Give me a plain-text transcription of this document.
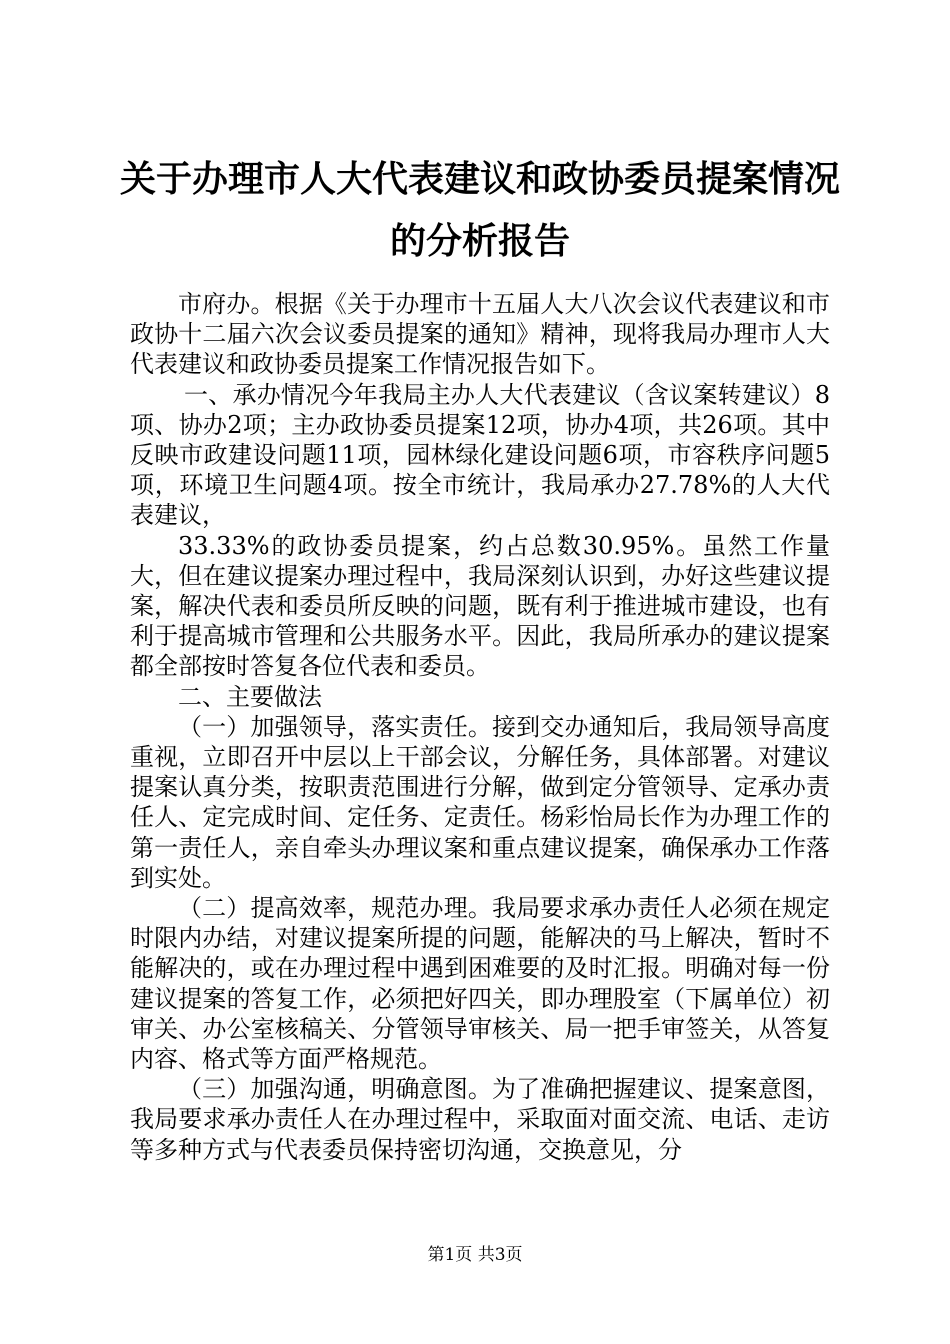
关于办理市人大代表建议和政协委员提案情况
的分析报告

市府办。根据《关于办理市十五届人大八次会议代表建议和市政协十二届六次会议委员提案的通知》精神，现将我局办理市人大代表建议和政协委员提案工作情况报告如下。

一、承办情况今年我局主办人大代表建议（含议案转建议）8项、协办2项；主办政协委员提案12项，协办4项，共26项。其中反映市政建设问题11项，园林绿化建设问题6项，市容秩序问题5项，环境卫生问题4项。按全市统计，我局承办27.78%的人大代表建议，

33.33%的政协委员提案，约占总数30.95%。虽然工作量大，但在建议提案办理过程中，我局深刻认识到，办好这些建议提案，解决代表和委员所反映的问题，既有利于推进城市建设，也有利于提高城市管理和公共服务水平。因此，我局所承办的建议提案都全部按时答复各位代表和委员。

二、主要做法

（一）加强领导，落实责任。接到交办通知后，我局领导高度重视，立即召开中层以上干部会议，分解任务，具体部署。对建议提案认真分类，按职责范围进行分解，做到定分管领导、定承办责任人、定完成时间、定任务、定责任。杨彩怡局长作为办理工作的第一责任人，亲自牵头办理议案和重点建议提案，确保承办工作落到实处。

（二）提高效率，规范办理。我局要求承办责任人必须在规定时限内办结，对建议提案所提的问题，能解决的马上解决，暂时不能解决的，或在办理过程中遇到困难要的及时汇报。明确对每一份建议提案的答复工作，必须把好四关，即办理股室（下属单位）初审关、办公室核稿关、分管领导审核关、局一把手审签关，从答复内容、格式等方面严格规范。

（三）加强沟通，明确意图。为了准确把握建议、提案意图，我局要求承办责任人在办理过程中，采取面对面交流、电话、走访等多种方式与代表委员保持密切沟通，交换意见，分

第1页 共3页
